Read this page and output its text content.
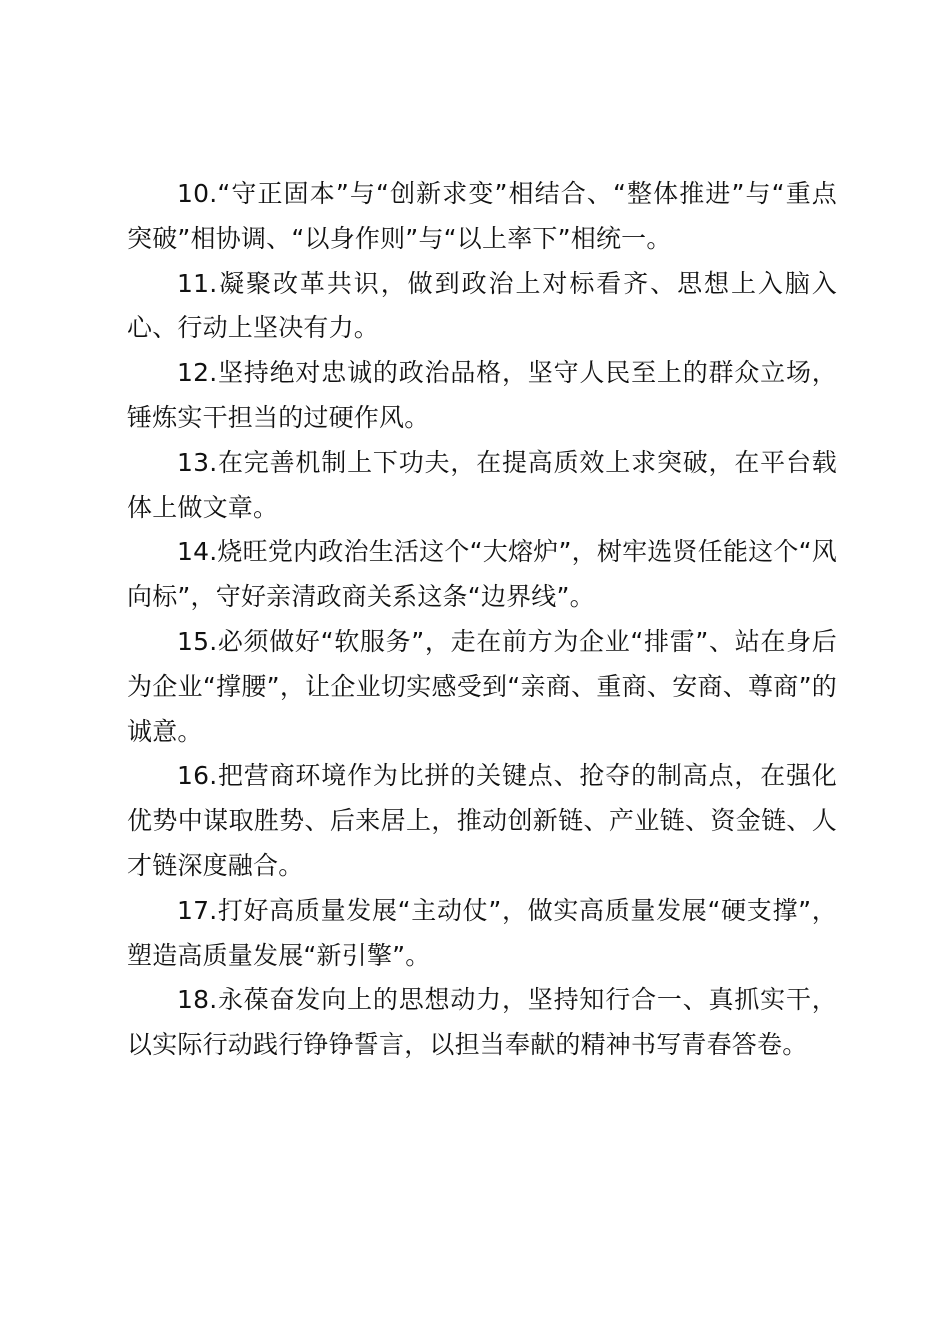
10.“守正固本”与“创新求变”相结合、“整体推进”与“重点突破”相协调、“以身作则”与“以上率下”相统一。

11.凝聚改革共识，做到政治上对标看齐、思想上入脑入心、行动上坚决有力。

12.坚持绝对忠诚的政治品格，坚守人民至上的群众立场，锤炼实干担当的过硬作风。

13.在完善机制上下功夫，在提高质效上求突破，在平台载体上做文章。

14.烧旺党内政治生活这个“大熔炉”，树牢选贤任能这个“风向标”，守好亲清政商关系这条“边界线”。

15.必须做好“软服务”，走在前方为企业“排雷”、站在身后为企业“撑腰”，让企业切实感受到“亲商、重商、安商、尊商”的诚意。

16.把营商环境作为比拼的关键点、抢夺的制高点，在强化优势中谋取胜势、后来居上，推动创新链、产业链、资金链、人才链深度融合。

17.打好高质量发展“主动仗”，做实高质量发展“硬支撑”，塑造高质量发展“新引擎”。

18.永葆奋发向上的思想动力，坚持知行合一、真抓实干，以实际行动践行铮铮誓言，以担当奉献的精神书写青春答卷。
